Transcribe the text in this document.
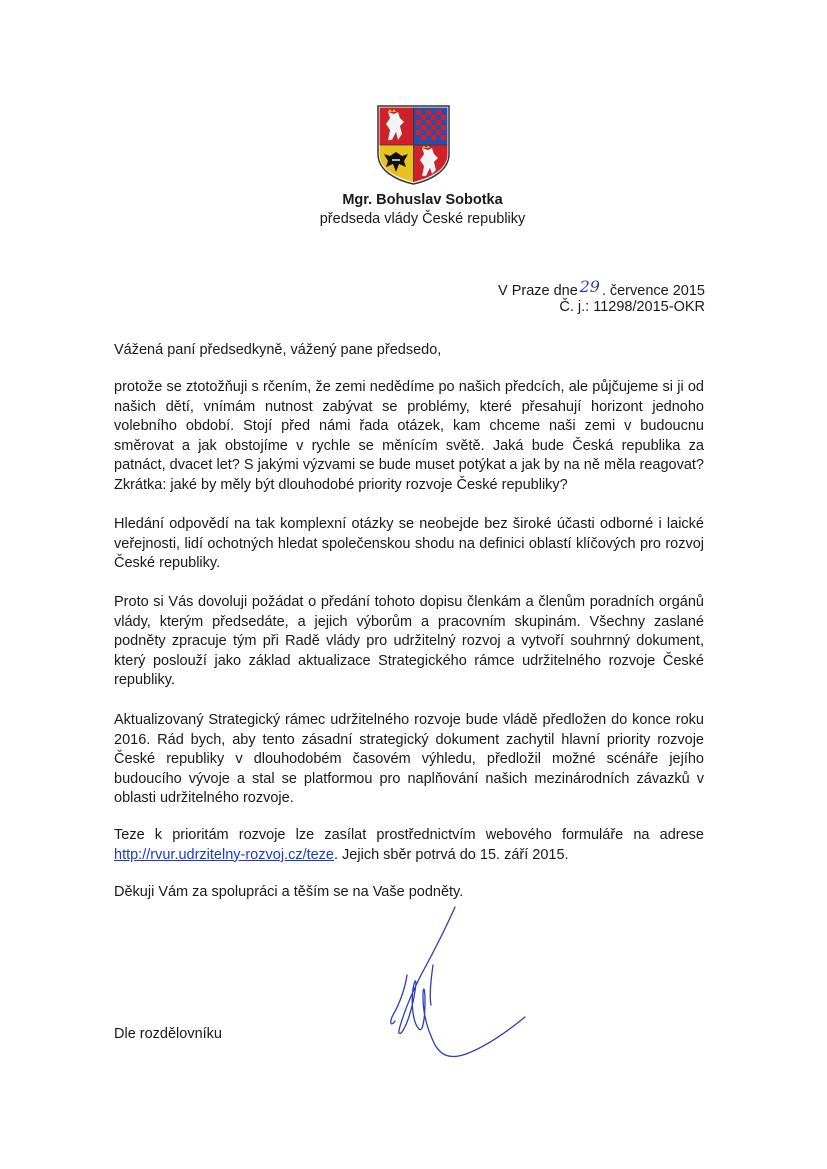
Mgr. Bohuslav Sobotka
předseda vlády České republiky
V Praze dne 29 . července 2015
Č. j.: 11298/2015-OKR
Vážená paní předsedkyně, vážený pane předsedo,
protože se ztotožňuji s rčením, že zemi nedědíme po našich předcích, ale půjčujeme si ji od našich dětí, vnímám nutnost zabývat se problémy, které přesahují horizont jednoho volebního období. Stojí před námi řada otázek, kam chceme naši zemi v budoucnu směrovat a jak obstojíme v rychle se měnícím světě. Jaká bude Česká republika za patnáct, dvacet let? S jakými výzvami se bude muset potýkat a jak by na ně měla reagovat? Zkrátka: jaké by měly být dlouhodobé priority rozvoje České republiky?
Hledání odpovědí na tak komplexní otázky se neobejde bez široké účasti odborné i laické veřejnosti, lidí ochotných hledat společenskou shodu na definici oblastí klíčových pro rozvoj České republiky.
Proto si Vás dovoluji požádat o předání tohoto dopisu členkám a členům poradních orgánů vlády, kterým předsedáte, a jejich výborům a pracovním skupinám. Všechny zaslané podněty zpracuje tým při Radě vlády pro udržitelný rozvoj a vytvoří souhrnný dokument, který poslouží jako základ aktualizace Strategického rámce udržitelného rozvoje České republiky.
Aktualizovaný Strategický rámec udržitelného rozvoje bude vládě předložen do konce roku 2016. Rád bych, aby tento zásadní strategický dokument zachytil hlavní priority rozvoje České republiky v dlouhodobém časovém výhledu, předložil možné scénáře jejího budoucího vývoje a stal se platformou pro naplňování našich mezinárodních závazků v oblasti udržitelného rozvoje.
Teze k prioritám rozvoje lze zasílat prostřednictvím webového formuláře na adrese http://rvur.udrzitelny-rozvoj.cz/teze. Jejich sběr potrvá do 15. září 2015.
Děkuji Vám za spolupráci a těším se na Vaše podněty.
Dle rozdělovníku
